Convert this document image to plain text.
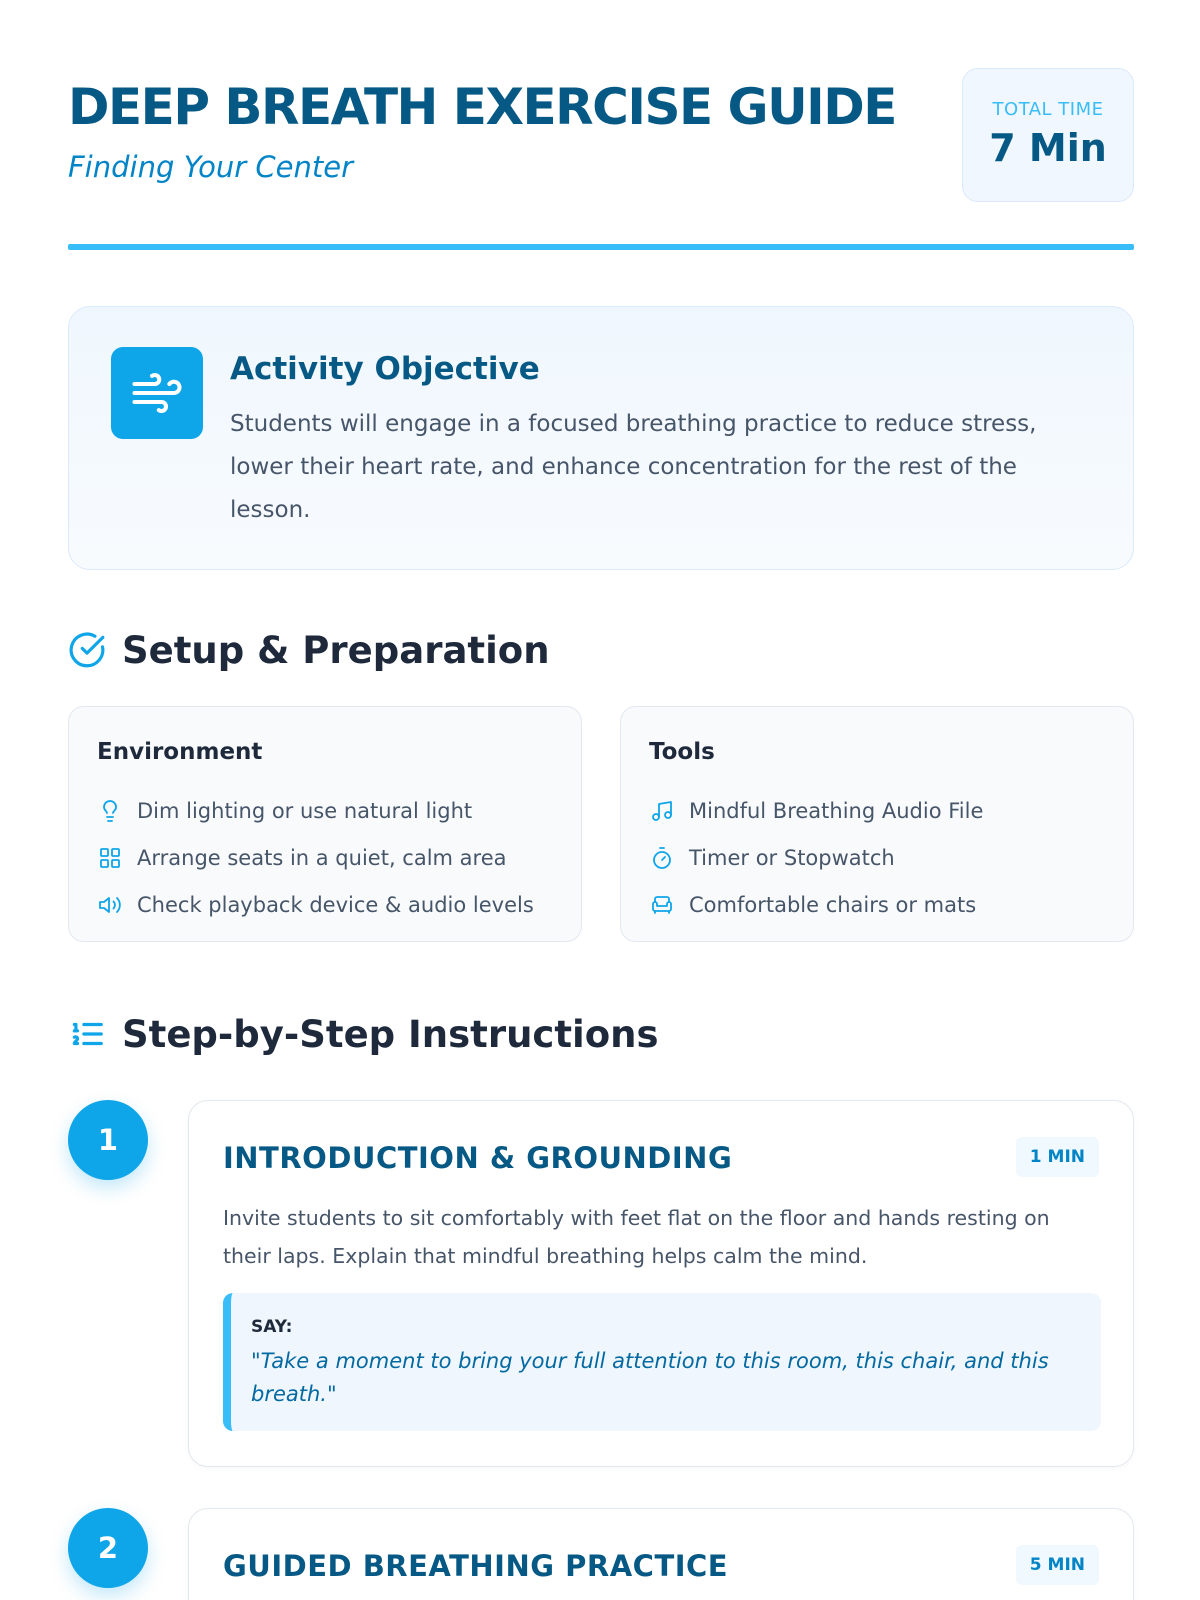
DEEP BREATH EXERCISE GUIDE
Finding Your Center
TOTAL TIME
7 Min
Activity Objective

Students will engage in a focused breathing practice to reduce stress, lower their heart rate, and enhance concentration for the rest of the lesson.

Setup & Preparation
Environment
Dim lighting or use natural light
Arrange seats in a quiet, calm area
Check playback device & audio levels
Tools
Mindful Breathing Audio File
Timer or Stopwatch
Comfortable chairs or mats
Step-by-Step Instructions
1
INTRODUCTION & GROUNDING	1 MIN

Invite students to sit comfortably with feet flat on the floor and hands resting on their laps. Explain that mindful breathing helps calm the mind.

SAY:

"Take a moment to bring your full attention to this room, this chair, and this breath."

2
GUIDED BREATHING PRACTICE	5 MIN
